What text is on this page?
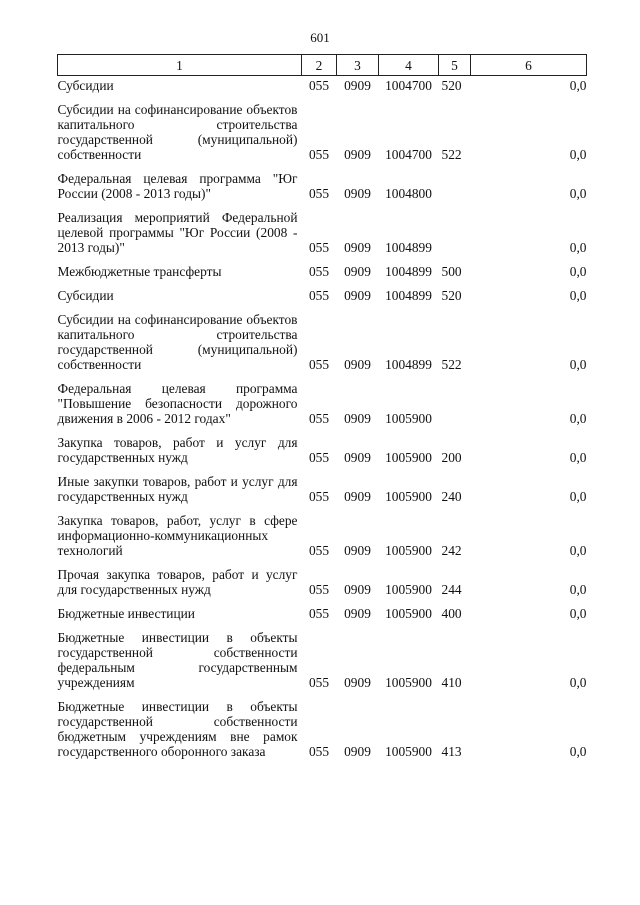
601
1	2	3	4	5	6
Субсидии	055	0909	1004700	520	0,0
Субсидии на софинансирование объектов капитального строительства государственной (муниципальной) собственности	055	0909	1004700	522	0,0
Федеральная целевая программа "Юг России (2008 - 2013 годы)"	055	0909	1004800		0,0
Реализация мероприятий Федеральной целевой программы "Юг России (2008 - 2013 годы)"	055	0909	1004899		0,0
Межбюджетные трансферты	055	0909	1004899	500	0,0
Субсидии	055	0909	1004899	520	0,0
Субсидии на софинансирование объектов капитального строительства государственной (муниципальной) собственности	055	0909	1004899	522	0,0
Федеральная целевая программа "Повышение безопасности дорожного движения в 2006 - 2012 годах"	055	0909	1005900		0,0
Закупка товаров, работ и услуг для государственных нужд	055	0909	1005900	200	0,0
Иные закупки товаров, работ и услуг для государственных нужд	055	0909	1005900	240	0,0
Закупка товаров, работ, услуг в сфере информационно-коммуникационных технологий	055	0909	1005900	242	0,0
Прочая закупка товаров, работ и услуг для государственных нужд	055	0909	1005900	244	0,0
Бюджетные инвестиции	055	0909	1005900	400	0,0
Бюджетные инвестиции в объекты государственной собственности федеральным государственным учреждениям	055	0909	1005900	410	0,0
Бюджетные инвестиции в объекты государственной собственности бюджетным учреждениям вне рамок государственного оборонного заказа	055	0909	1005900	413	0,0
